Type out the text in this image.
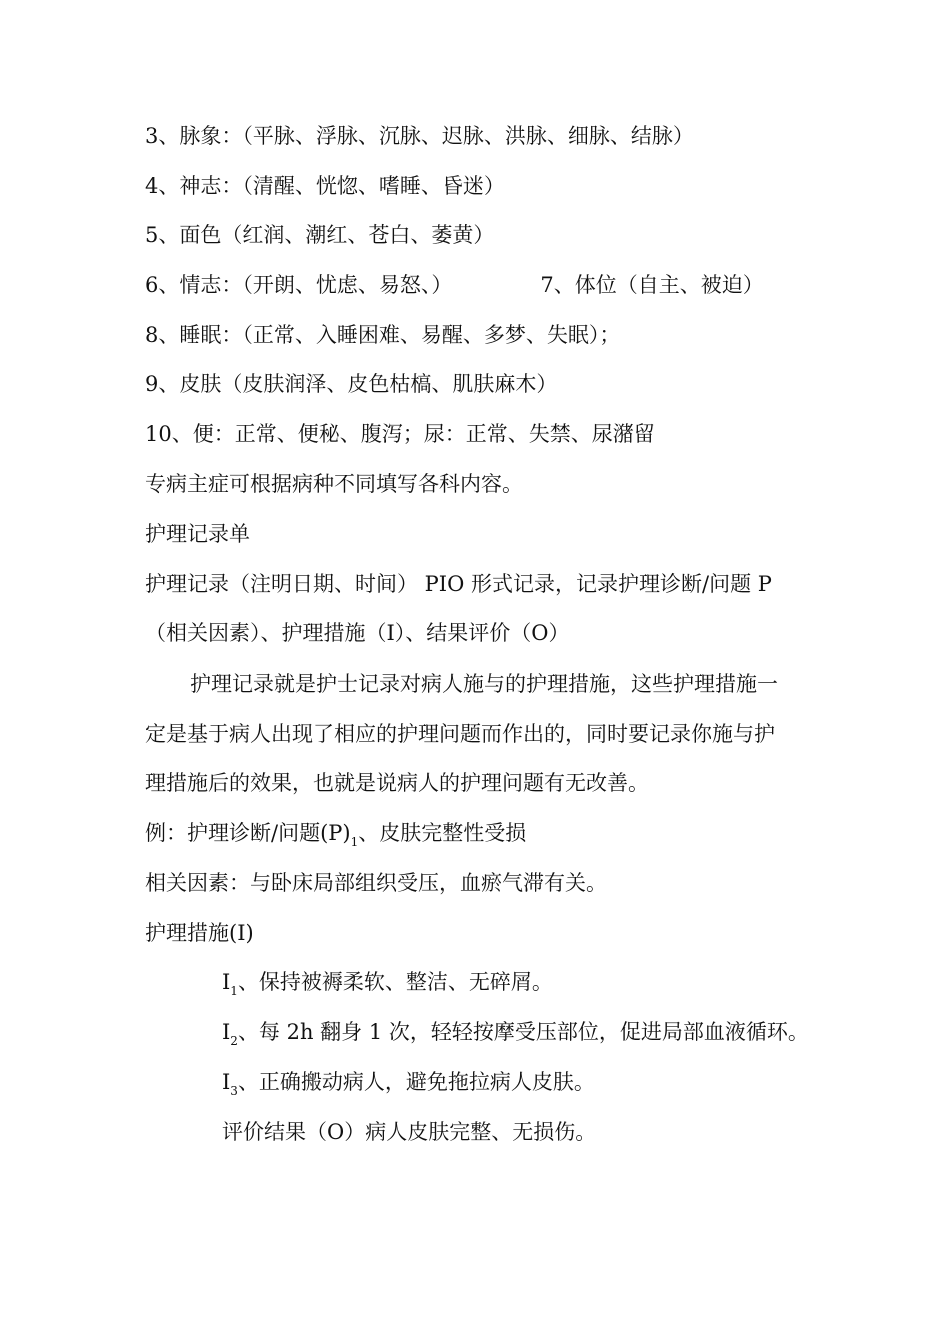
3、脉象：（平脉、浮脉、沉脉、迟脉、洪脉、细脉、结脉）

4、神志：（清醒、恍惚、嗜睡、昏迷）

5、面色（红润、潮红、苍白、萎黄）

6、情志：（开朗、忧虑、易怒、）	7、体位（自主、被迫）

8、睡眠：（正常、入睡困难、易醒、多梦、失眠）；

9、皮肤（皮肤润泽、皮色枯槁、肌肤麻木）

10、便：正常、便秘、腹泻；尿：正常、失禁、尿潴留

专病主症可根据病种不同填写各科内容。

护理记录单

护理记录（注明日期、时间） PIO 形式记录，记录护理诊断/问题 P

（相关因素）、护理措施（I）、结果评价（O）

护理记录就是护士记录对病人施与的护理措施，这些护理措施一

定是基于病人出现了相应的护理问题而作出的，同时要记录你施与护

理措施后的效果，也就是说病人的护理问题有无改善。

例：护理诊断/问题$(P)_1$、皮肤完整性受损

相关因素：与卧床局部组织受压，血瘀气滞有关。

护理措施(I)

$I_1$、保持被褥柔软、整洁、无碎屑。

$I_2$、每 2h 翻身 1 次，轻轻按摩受压部位，促进局部血液循环。

$I_3$、正确搬动病人，避免拖拉病人皮肤。

评价结果（O）病人皮肤完整、无损伤。
